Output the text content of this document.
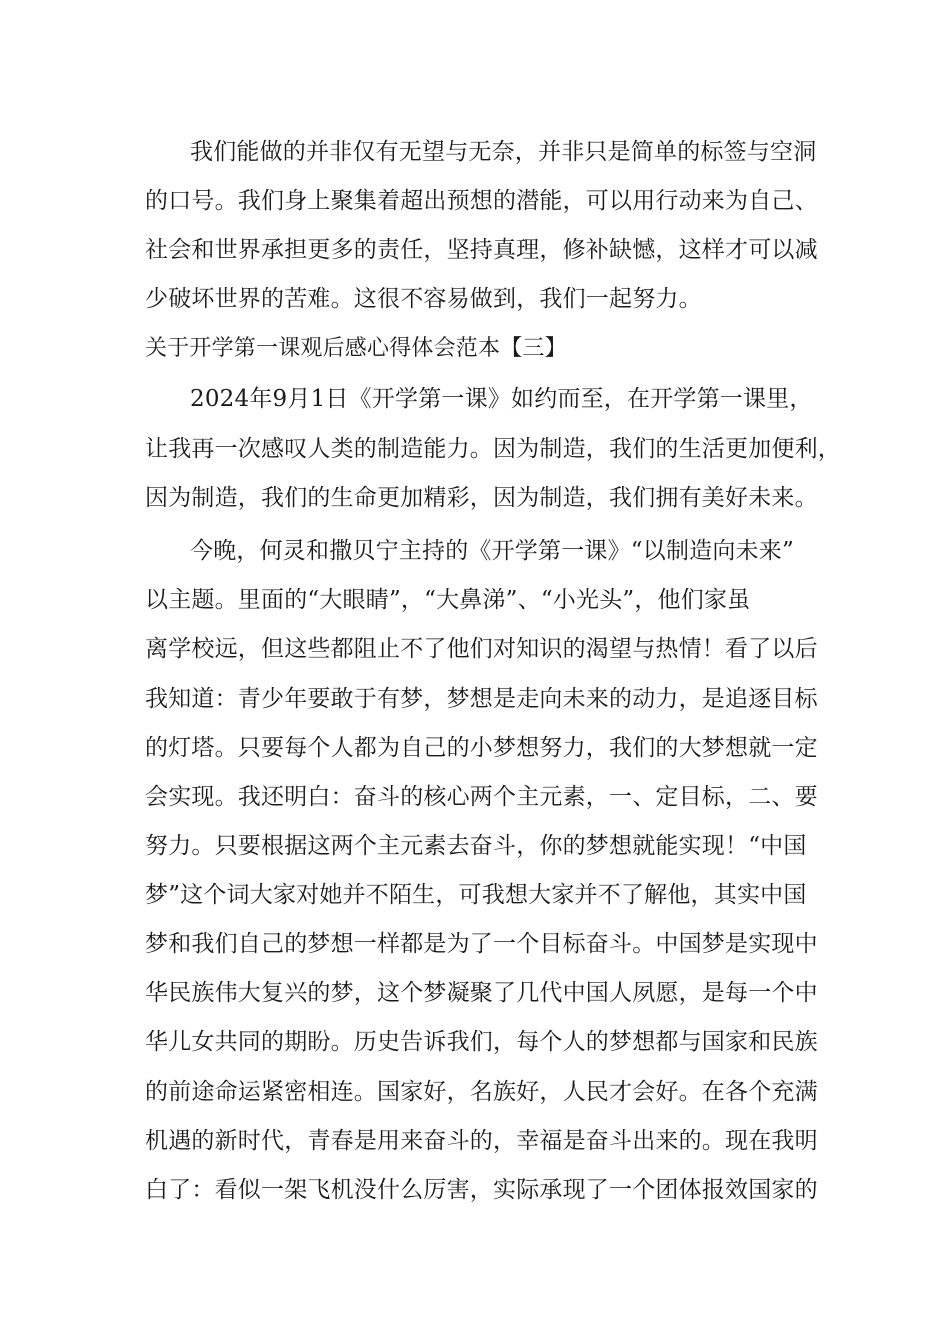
我们能做的并非仅有无望与无奈，并非只是简单的标签与空洞
的口号。我们身上聚集着超出预想的潜能，可以用行动来为自己、
社会和世界承担更多的责任，坚持真理，修补缺憾，这样才可以减
少破坏世界的苦难。这很不容易做到，我们一起努力。
关于开学第一课观后感心得体会范本【三】
2024年9月1日《开学第一课》如约而至，在开学第一课里，
让我再一次感叹人类的制造能力。因为制造，我们的生活更加便利，
因为制造，我们的生命更加精彩，因为制造，我们拥有美好未来。
今晚，何灵和撒贝宁主持的《开学第一课》“以制造向未来”
以主题。里面的“大眼睛”，“大鼻涕”、“小光头”，他们家虽
离学校远，但这些都阻止不了他们对知识的渴望与热情！看了以后
我知道：青少年要敢于有梦，梦想是走向未来的动力，是追逐目标
的灯塔。只要每个人都为自己的小梦想努力，我们的大梦想就一定
会实现。我还明白：奋斗的核心两个主元素，一、定目标，二、要
努力。只要根据这两个主元素去奋斗，你的梦想就能实现！“中国
梦”这个词大家对她并不陌生，可我想大家并不了解他，其实中国
梦和我们自己的梦想一样都是为了一个目标奋斗。中国梦是实现中
华民族伟大复兴的梦，这个梦凝聚了几代中国人夙愿，是每一个中
华儿女共同的期盼。历史告诉我们，每个人的梦想都与国家和民族
的前途命运紧密相连。国家好，名族好，人民才会好。在各个充满
机遇的新时代，青春是用来奋斗的，幸福是奋斗出来的。现在我明
白了：看似一架飞机没什么厉害，实际承现了一个团体报效国家的
